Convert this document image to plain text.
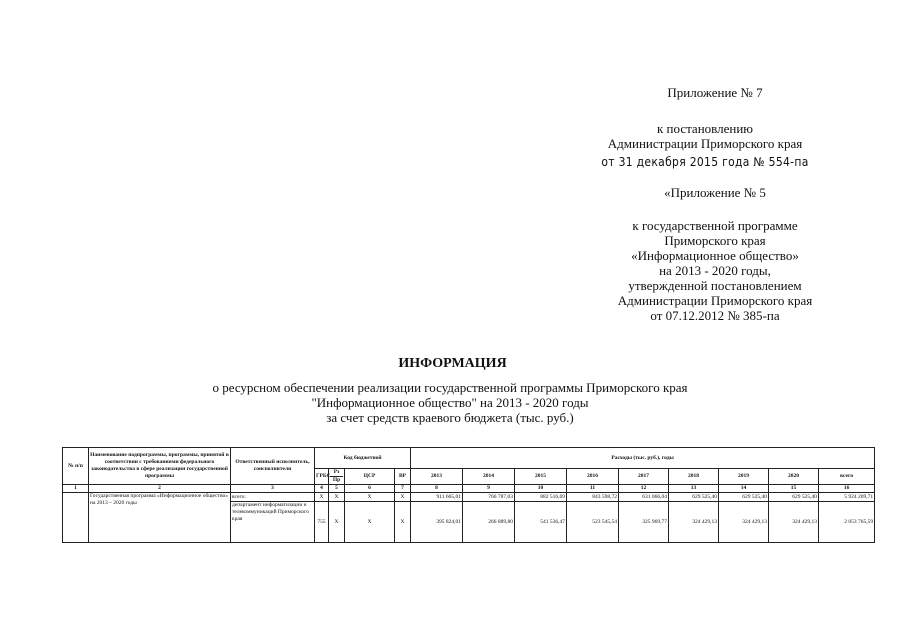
Приложение № 7
к постановлению
Администрации Приморского края
от 31 декабря 2015 года № 554-па
«Приложение № 5
к государственной программе
Приморского края
«Информационное общество»
на 2013 - 2020 годы,
утвержденной постановлением
Администрации Приморского края
от 07.12.2012 № 385-па
ИНФОРМАЦИЯ
о ресурсном обеспечении реализации государственной программы Приморского края
"Информационное общество" на 2013 - 2020 годы
за счет средств краевого бюджета (тыс. руб.)
№ п/п	Наименование подпрограммы, программы, принятой в соответствии с требованиями федерального законодательства в сфере реализации государственной программы	Ответственный исполнитель, соисполнители	Код бюджетной				Расходы (тыс. руб.), годы								
			ГРБС	Рз
Пр	ЦСР	ВР	2013	2014	2015	2016	2017	2018	2019	2020	всего
1	2	3	4	5	6	7	8	9	10	11	12	13	14	15	16
	Государственная программа «Информационное общество» на 2013 – 2020 годы	всего:	X	X	X	X	911 665,01	766 787,03	882 516,69	843 598,72	631 066,04	629 525,40	629 525,40	629 525,40	5 924 209,71
		департамент информатизации и телекоммуникаций Приморского края	755	X	X	X	395 824,01	266 889,80	541 536,47	523 545,54	325 969,77	324 429,13	324 429,13	324 429,13	2 053 765,59
